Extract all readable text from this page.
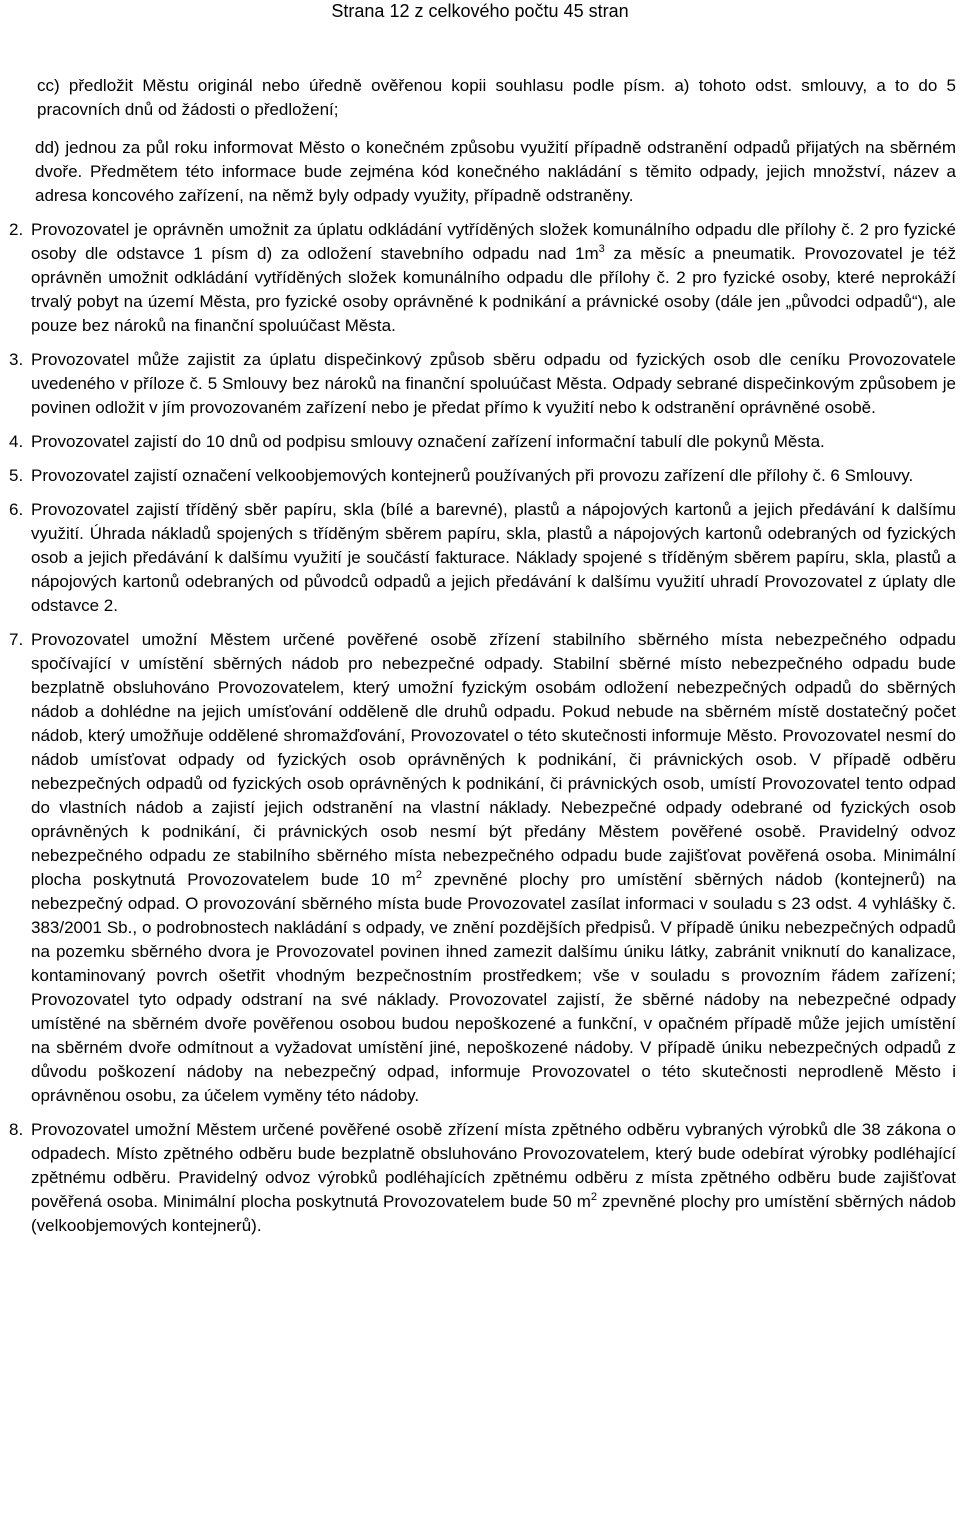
Strana 12 z celkového počtu 45 stran

cc) předložit Městu originál nebo úředně ověřenou kopii souhlasu podle písm. a) tohoto odst. smlouvy, a to do 5 pracovních dnů od žádosti o předložení;

dd) jednou za půl roku informovat Město o konečném způsobu využití případně odstranění odpadů přijatých na sběrném dvoře. Předmětem této informace bude zejména kód konečného nakládání s těmito odpady, jejich množství, název a adresa koncového zařízení, na němž byly odpady využity, případně odstraněny.

2. Provozovatel je oprávněn umožnit za úplatu odkládání vytříděných složek komunálního odpadu dle přílohy č. 2 pro fyzické osoby dle odstavce 1 písm d) za odložení stavebního odpadu nad $1m^3$ za měsíc a pneumatik. Provozovatel je též oprávněn umožnit odkládání vytříděných složek komunálního odpadu dle přílohy č. 2 pro fyzické osoby, které neprokáží trvalý pobyt na území Města, pro fyzické osoby oprávněné k podnikání a právnické osoby (dále jen „původci odpadů“), ale pouze bez nároků na finanční spoluúčast Města.
3. Provozovatel může zajistit za úplatu dispečinkový způsob sběru odpadu od fyzických osob dle ceníku Provozovatele uvedeného v příloze č. 5 Smlouvy bez nároků na finanční spoluúčast Města. Odpady sebrané dispečinkovým způsobem je povinen odložit v jím provozovaném zařízení nebo je předat přímo k využití nebo k odstranění oprávněné osobě.
4. Provozovatel zajistí do 10 dnů od podpisu smlouvy označení zařízení informační tabulí dle pokynů Města.
5. Provozovatel zajistí označení velkoobjemových kontejnerů používaných při provozu zařízení dle přílohy č. 6 Smlouvy.
6. Provozovatel zajistí tříděný sběr papíru, skla (bílé a barevné), plastů a nápojových kartonů a jejich předávání k dalšímu využití. Úhrada nákladů spojených s tříděným sběrem papíru, skla, plastů a nápojových kartonů odebraných od fyzických osob a jejich předávání k dalšímu využití je součástí fakturace. Náklady spojené s tříděným sběrem papíru, skla, plastů a nápojových kartonů odebraných od původců odpadů a jejich předávání k dalšímu využití uhradí Provozovatel z úplaty dle odstavce 2.
7. Provozovatel umožní Městem určené pověřené osobě zřízení stabilního sběrného místa nebezpečného odpadu spočívající v umístění sběrných nádob pro nebezpečné odpady. Stabilní sběrné místo nebezpečného odpadu bude bezplatně obsluhováno Provozovatelem, který umožní fyzickým osobám odložení nebezpečných odpadů do sběrných nádob a dohlédne na jejich umísťování odděleně dle druhů odpadu. Pokud nebude na sběrném místě dostatečný počet nádob, který umožňuje oddělené shromažďování, Provozovatel o této skutečnosti informuje Město. Provozovatel nesmí do nádob umísťovat odpady od fyzických osob oprávněných k podnikání, či právnických osob. V případě odběru nebezpečných odpadů od fyzických osob oprávněných k podnikání, či právnických osob, umístí Provozovatel tento odpad do vlastních nádob a zajistí jejich odstranění na vlastní náklady. Nebezpečné odpady odebrané od fyzických osob oprávněných k podnikání, či právnických osob nesmí být předány Městem pověřené osobě. Pravidelný odvoz nebezpečného odpadu ze stabilního sběrného místa nebezpečného odpadu bude zajišťovat pověřená osoba. Minimální plocha poskytnutá Provozovatelem bude 10 $m^2$ zpevněné plochy pro umístění sběrných nádob (kontejnerů) na nebezpečný odpad. O provozování sběrného místa bude Provozovatel zasílat informaci v souladu s 23 odst. 4 vyhlášky č. 383/2001 Sb., o podrobnostech nakládání s odpady, ve znění pozdějších předpisů. V případě úniku nebezpečných odpadů na pozemku sběrného dvora je Provozovatel povinen ihned zamezit dalšímu úniku látky, zabránit vniknutí do kanalizace, kontaminovaný povrch ošetřit vhodným bezpečnostním prostředkem; vše v souladu s provozním řádem zařízení; Provozovatel tyto odpady odstraní na své náklady. Provozovatel zajistí, že sběrné nádoby na nebezpečné odpady umístěné na sběrném dvoře pověřenou osobou budou nepoškozené a funkční, v opačném případě může jejich umístění na sběrném dvoře odmítnout a vyžadovat umístění jiné, nepoškozené nádoby. V případě úniku nebezpečných odpadů z důvodu poškození nádoby na nebezpečný odpad, informuje Provozovatel o této skutečnosti neprodleně Město i oprávněnou osobu, za účelem vyměny této nádoby.
8. Provozovatel umožní Městem určené pověřené osobě zřízení místa zpětného odběru vybraných výrobků dle 38 zákona o odpadech. Místo zpětného odběru bude bezplatně obsluhováno Provozovatelem, který bude odebírat výrobky podléhající zpětnému odběru. Pravidelný odvoz výrobků podléhajících zpětnému odběru z místa zpětného odběru bude zajišťovat pověřená osoba. Minimální plocha poskytnutá Provozovatelem bude 50 $m^2$ zpevněné plochy pro umístění sběrných nádob (velkoobjemových kontejnerů).
